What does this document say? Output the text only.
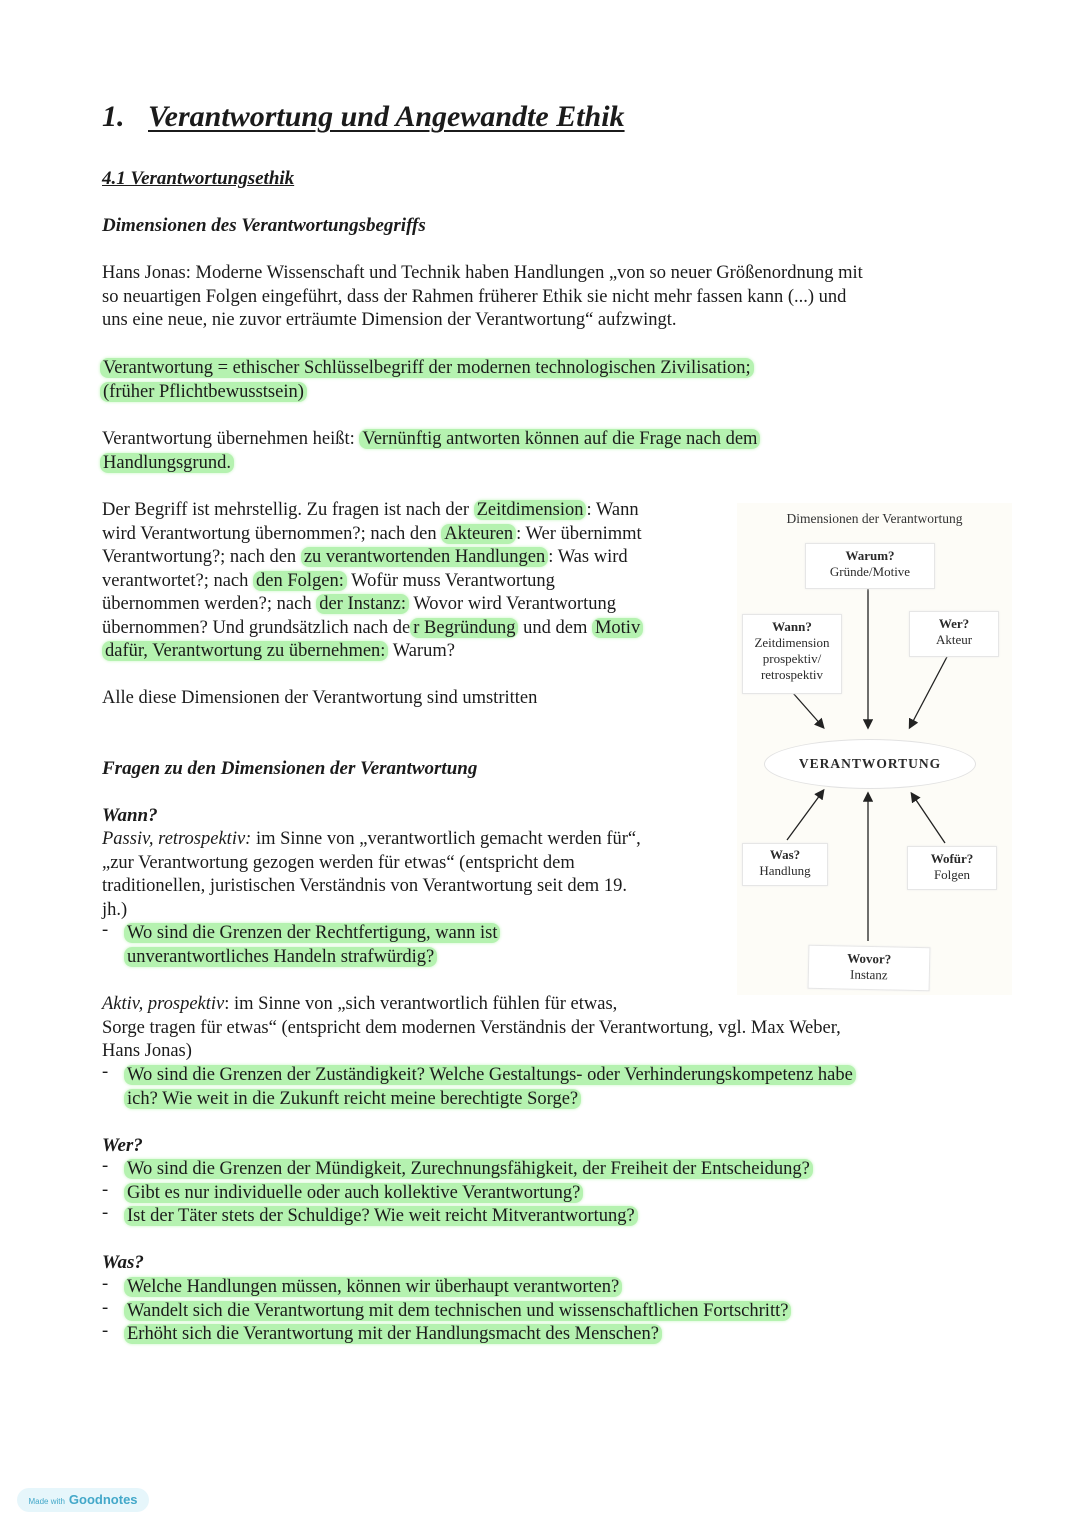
1. Verantwortung und Angewandte Ethik
4.1 Verantwortungsethik
Dimensionen des Verantwortungsbegriffs
Hans Jonas: Moderne Wissenschaft und Technik haben Handlungen „von so neuer Größenordnung mit
so neuartigen Folgen eingeführt, dass der Rahmen früherer Ethik sie nicht mehr fassen kann (...) und
uns eine neue, nie zuvor erträumte Dimension der Verantwortung“ aufzwingt.
Verantwortung = ethischer Schlüsselbegriff der modernen technologischen Zivilisation;
(früher Pflichtbewusstsein)
Verantwortung übernehmen heißt: Vernünftig antworten können auf die Frage nach dem
Handlungsgrund.
Der Begriff ist mehrstellig. Zu fragen ist nach der Zeitdimension : Wann
wird Verantwortung übernommen?; nach den Akteuren : Wer übernimmt
Verantwortung?; nach den zu verantwortenden Handlungen : Was wird
verantwortet?; nach den Folgen: Wofür muss Verantwortung
übernommen werden?; nach der Instanz: Wovor wird Verantwortung
übernommen? Und grundsätzlich nach de r Begründung und dem Motiv
dafür, Verantwortung zu übernehmen: Warum?
Alle diese Dimensionen der Verantwortung sind umstritten
Dimensionen der Verantwortung
Warum?
Gründe/Motive
Wann?
Zeitdimension
prospektiv/
retrospektiv
Wer?
Akteur
VERANTWORTUNG
Was?
Handlung
Wofür?
Folgen
Wovor?
Instanz
Fragen zu den Dimensionen der Verantwortung
Wann?
Passiv, retrospektiv: im Sinne von „verantwortlich gemacht werden für“,
„zur Verantwortung gezogen werden für etwas“ (entspricht dem
traditionellen, juristischen Verständnis von Verantwortung seit dem 19.
jh.)
- Wo sind die Grenzen der Rechtfertigung, wann ist
unverantwortliches Handeln strafwürdig?
Aktiv, prospektiv: im Sinne von „sich verantwortlich fühlen für etwas,
Sorge tragen für etwas“ (entspricht dem modernen Verständnis der Verantwortung, vgl. Max Weber,
Hans Jonas)
- Wo sind die Grenzen der Zuständigkeit? Welche Gestaltungs- oder Verhinderungskompetenz habe
ich? Wie weit in die Zukunft reicht meine berechtigte Sorge?
Wer?
- Wo sind die Grenzen der Mündigkeit, Zurechnungsfähigkeit, der Freiheit der Entscheidung?
- Gibt es nur individuelle oder auch kollektive Verantwortung?
- Ist der Täter stets der Schuldige? Wie weit reicht Mitverantwortung?
Was?
- Welche Handlungen müssen, können wir überhaupt verantworten?
- Wandelt sich die Verantwortung mit dem technischen und wissenschaftlichen Fortschritt?
- Erhöht sich die Verantwortung mit der Handlungsmacht des Menschen?
Made with Goodnotes
